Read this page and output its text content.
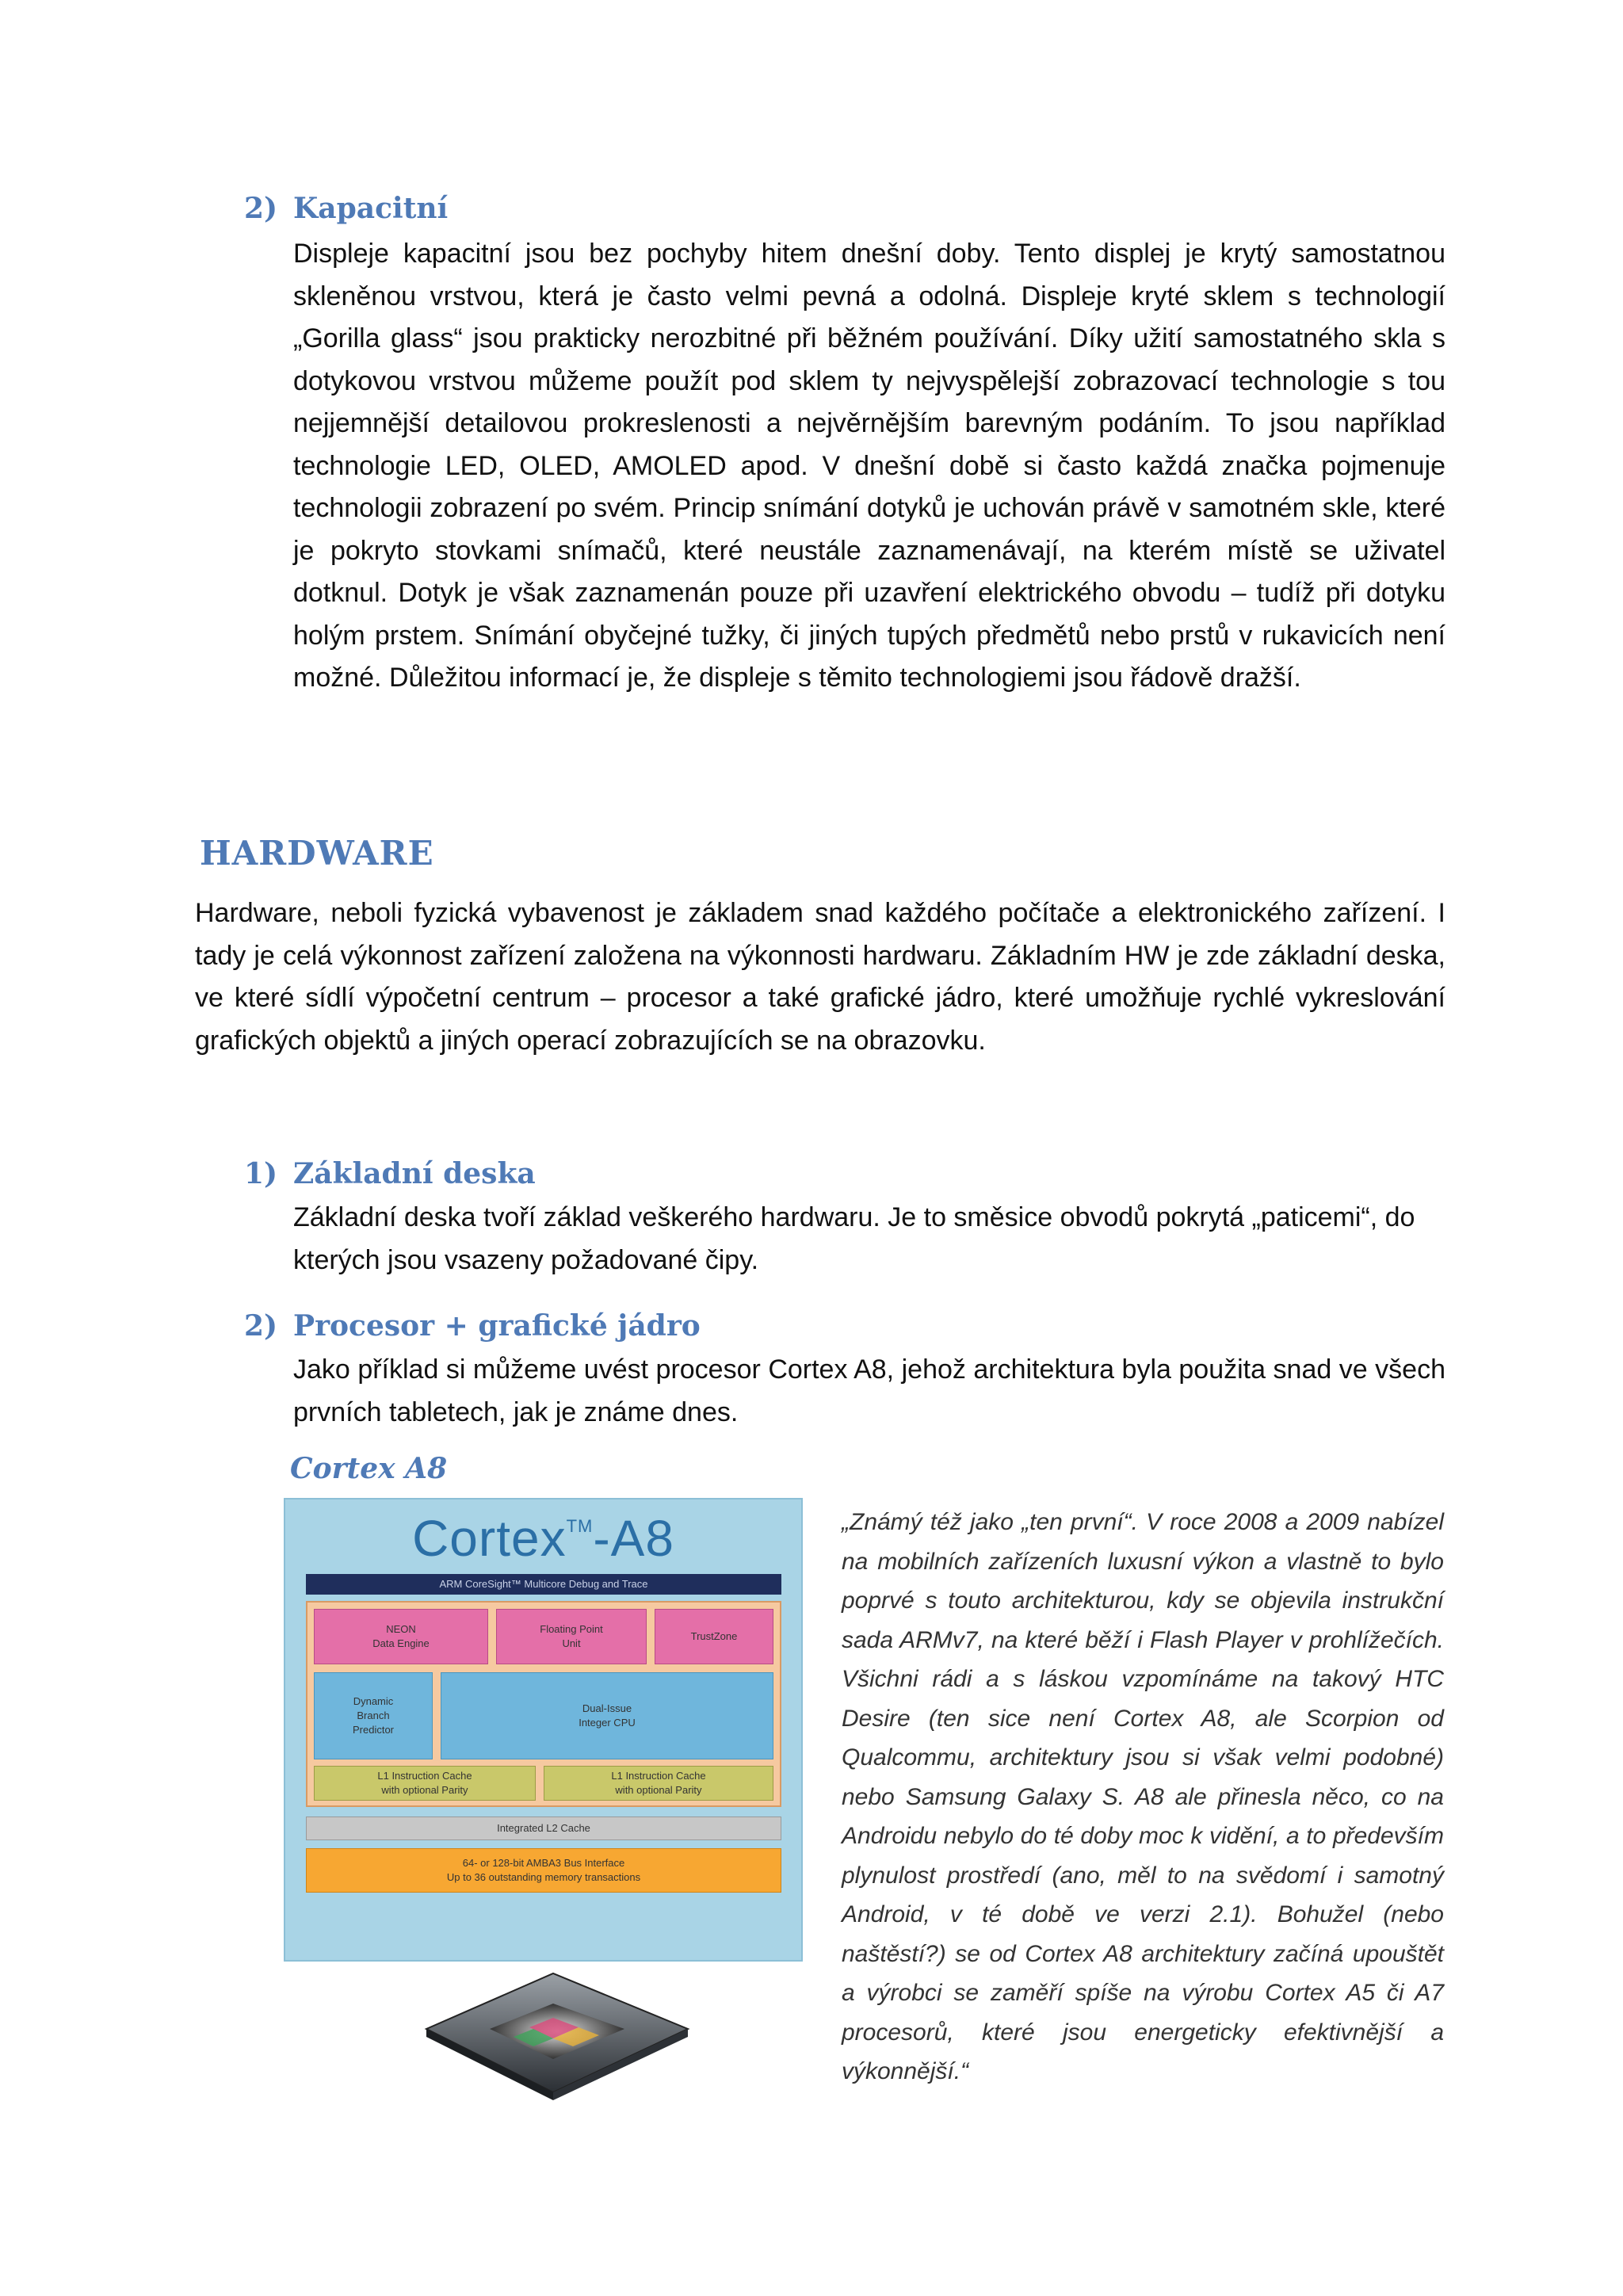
2) Kapacitní

Displeje kapacitní jsou bez pochyby hitem dnešní doby. Tento displej je krytý samostatnou skleněnou vrstvou, která je často velmi pevná a odolná. Displeje kryté sklem s technologií „Gorilla glass“ jsou prakticky nerozbitné při běžném používání. Díky užití samostatného skla s dotykovou vrstvou můžeme použít pod sklem ty nejvyspělejší zobrazovací technologie s tou nejjemnější detailovou prokreslenosti a nejvěrnějším barevným podáním. To jsou například technologie LED, OLED, AMOLED apod. V dnešní době si často každá značka pojmenuje technologii zobrazení po svém. Princip snímání dotyků je uchován právě v samotném skle, které je pokryto stovkami snímačů, které neustále zaznamenávají, na kterém místě se uživatel dotknul. Dotyk je však zaznamenán pouze při uzavření elektrického obvodu – tudíž při dotyku holým prstem. Snímání obyčejné tužky, či jiných tupých předmětů nebo prstů v rukavicích není možné. Důležitou informací je, že displeje s těmito technologiemi jsou řádově dražší.

HARDWARE

Hardware, neboli fyzická vybavenost je základem snad každého počítače a elektronického zařízení. I tady je celá výkonnost zařízení založena na výkonnosti hardwaru. Základním HW je zde základní deska, ve které sídlí výpočetní centrum – procesor a také grafické jádro, které umožňuje rychlé vykreslování grafických objektů a jiných operací zobrazujících se na obrazovku.

1) Základní deska

Základní deska tvoří základ veškerého hardwaru. Je to směsice obvodů pokrytá „paticemi“, do kterých jsou vsazeny požadované čipy.

2) Procesor + grafické jádro

Jako příklad si můžeme uvést procesor Cortex A8, jehož architektura byla použita snad ve všech prvních tabletech, jak je známe dnes.

Cortex A8
Cortex™-A8
ARM CoreSight™ Multicore Debug and Trace
NEON
Data Engine
Floating Point
Unit
TrustZone
Dynamic
Branch
Predictor
Dual-Issue
Integer CPU
L1 Instruction Cache
with optional Parity
L1 Instruction Cache
with optional Parity
Integrated L2 Cache
64- or 128-bit AMBA3 Bus Interface
Up to 36 outstanding memory transactions

„Známý též jako „ten první“. V roce 2008 a 2009 nabízel na mobilních zařízeních luxusní výkon a vlastně to bylo poprvé s touto architekturou, kdy se objevila instrukční sada ARMv7, na které běží i Flash Player v prohlížečích. Všichni rádi a s láskou vzpomínáme na takový HTC Desire (ten sice není Cortex A8, ale Scorpion od Qualcommu, architektury jsou si však velmi podobné) nebo Samsung Galaxy S. A8 ale přinesla něco, co na Androidu nebylo do té doby moc k vidění, a to především plynulost prostředí (ano, měl to na svědomí i samotný Android, v té době ve verzi 2.1). Bohužel (nebo naštěstí?) se od Cortex A8 architektury začíná upouštět a výrobci se zaměří spíše na výrobu Cortex A5 či A7 procesorů, které jsou energeticky efektivnější a výkonnější.“
